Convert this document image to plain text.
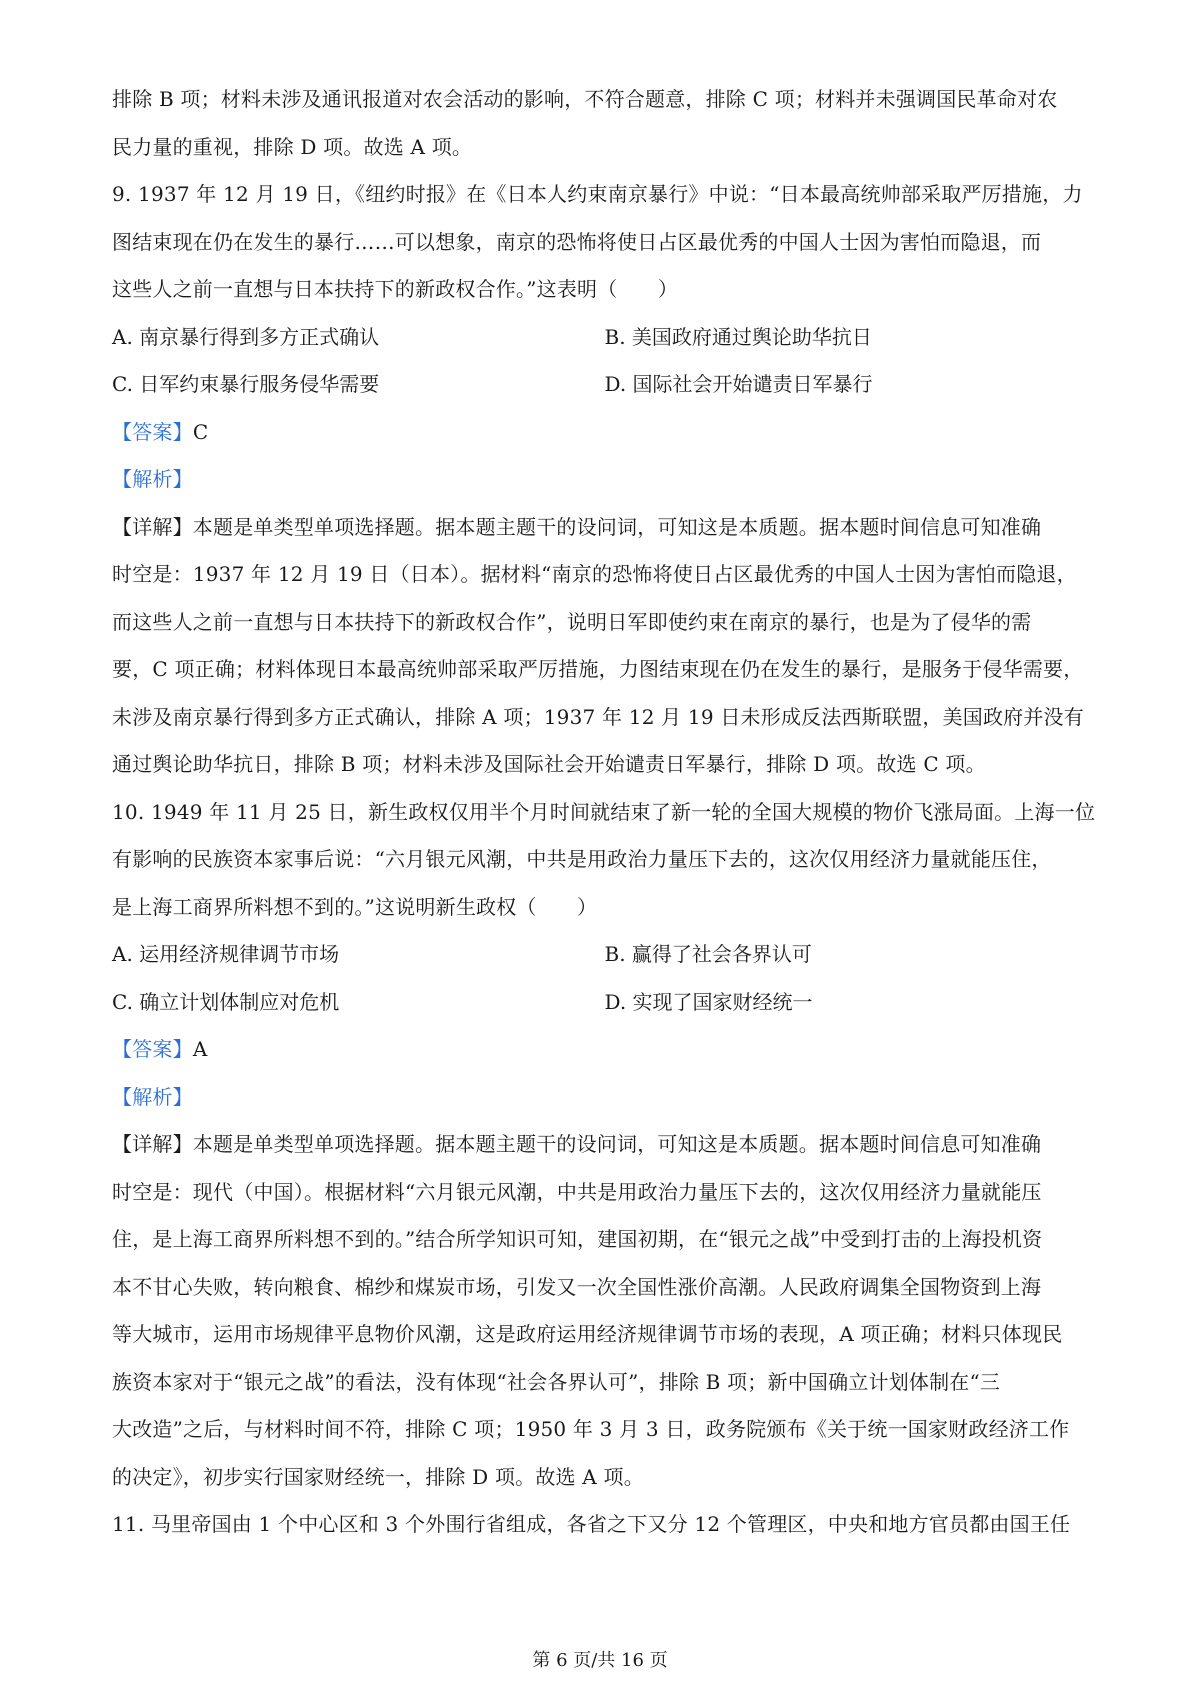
排除 B 项；材料未涉及通讯报道对农会活动的影响，不符合题意，排除 C 项；材料并未强调国民革命对农
民力量的重视，排除 D 项。故选 A 项。
9. 1937 年 12 月 19 日，《纽约时报》在《日本人约束南京暴行》中说：“日本最高统帅部采取严厉措施，力
图结束现在仍在发生的暴行……可以想象，南京的恐怖将使日占区最优秀的中国人士因为害怕而隐退，而
这些人之前一直想与日本扶持下的新政权合作。”这表明（　　）
A. 南京暴行得到多方正式确认	B. 美国政府通过舆论助华抗日
C. 日军约束暴行服务侵华需要	D. 国际社会开始谴责日军暴行
【答案】C
【解析】
【详解】本题是单类型单项选择题。据本题主题干的设问词，可知这是本质题。据本题时间信息可知准确
时空是：1937 年 12 月 19 日（日本）。据材料“南京的恐怖将使日占区最优秀的中国人士因为害怕而隐退，
而这些人之前一直想与日本扶持下的新政权合作”，说明日军即使约束在南京的暴行，也是为了侵华的需
要，C 项正确；材料体现日本最高统帅部采取严厉措施，力图结束现在仍在发生的暴行，是服务于侵华需要，
未涉及南京暴行得到多方正式确认，排除 A 项；1937 年 12 月 19 日未形成反法西斯联盟，美国政府并没有
通过舆论助华抗日，排除 B 项；材料未涉及国际社会开始谴责日军暴行，排除 D 项。故选 C 项。
10. 1949 年 11 月 25 日，新生政权仅用半个月时间就结束了新一轮的全国大规模的物价飞涨局面。上海一位
有影响的民族资本家事后说：“六月银元风潮，中共是用政治力量压下去的，这次仅用经济力量就能压住，
是上海工商界所料想不到的。”这说明新生政权（　　）
A. 运用经济规律调节市场	B. 赢得了社会各界认可
C. 确立计划体制应对危机	D. 实现了国家财经统一
【答案】A
【解析】
【详解】本题是单类型单项选择题。据本题主题干的设问词，可知这是本质题。据本题时间信息可知准确
时空是：现代（中国）。根据材料“六月银元风潮，中共是用政治力量压下去的，这次仅用经济力量就能压
住，是上海工商界所料想不到的。”结合所学知识可知，建国初期，在“银元之战”中受到打击的上海投机资
本不甘心失败，转向粮食、棉纱和煤炭市场，引发又一次全国性涨价高潮。人民政府调集全国物资到上海
等大城市，运用市场规律平息物价风潮，这是政府运用经济规律调节市场的表现，A 项正确；材料只体现民
族资本家对于“银元之战”的看法，没有体现“社会各界认可”，排除 B 项；新中国确立计划体制在“三
大改造”之后，与材料时间不符，排除 C 项；1950 年 3 月 3 日，政务院颁布《关于统一国家财政经济工作
的决定》，初步实行国家财经统一，排除 D 项。故选 A 项。
11. 马里帝国由 1 个中心区和 3 个外围行省组成，各省之下又分 12 个管理区，中央和地方官员都由国王任
第 6 页/共 16 页
